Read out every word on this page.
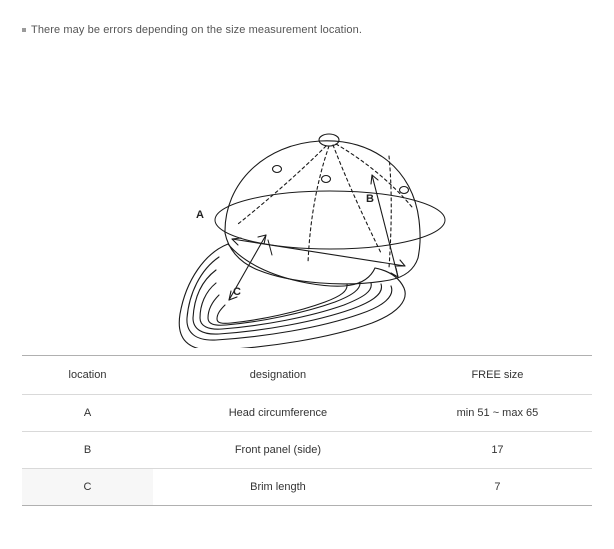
There may be errors depending on the size measurement location.
A
B
C
location	designation	FREE size
A	Head circumference	min 51 ~ max 65
B	Front panel (side)	17
C	Brim length	7
